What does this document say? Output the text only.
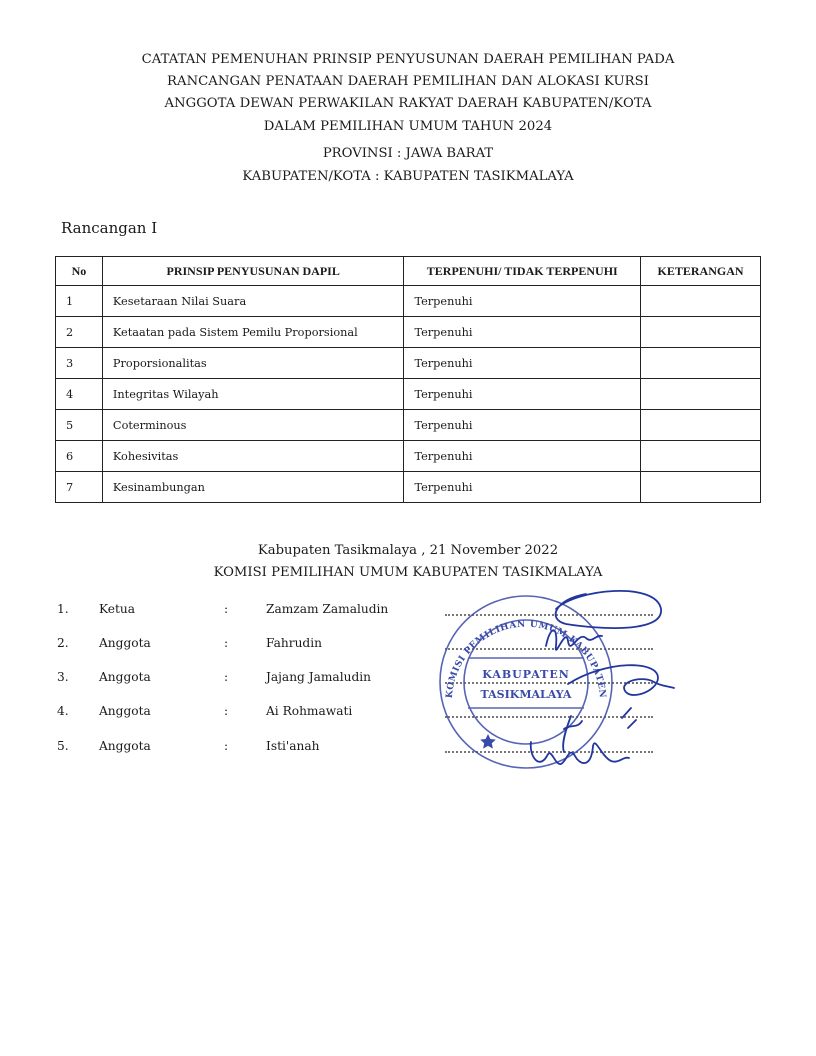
CATATAN PEMENUHAN PRINSIP PENYUSUNAN DAERAH PEMILIHAN PADA
RANCANGAN PENATAAN DAERAH PEMILIHAN DAN ALOKASI KURSI
ANGGOTA DEWAN PERWAKILAN RAKYAT DAERAH KABUPATEN/KOTA
DALAM PEMILIHAN UMUM TAHUN 2024
PROVINSI : JAWA BARAT
KABUPATEN/KOTA : KABUPATEN TASIKMALAYA
Rancangan I
No	PRINSIP PENYUSUNAN DAPIL	TERPENUHI/ TIDAK TERPENUHI	KETERANGAN
1	Kesetaraan Nilai Suara	Terpenuhi	
2	Ketaatan pada Sistem Pemilu Proporsional	Terpenuhi	
3	Proporsionalitas	Terpenuhi	
4	Integritas Wilayah	Terpenuhi	
5	Coterminous	Terpenuhi	
6	Kohesivitas	Terpenuhi	
7	Kesinambungan	Terpenuhi	
Kabupaten Tasikmalaya , 21 November 2022
KOMISI PEMILIHAN UMUM KABUPATEN TASIKMALAYA
1. Ketua	:	Zamzam Zamaludin
2. Anggota	:	Fahrudin
3. Anggota	:	Jajang Jamaludin
4. Anggota	:	Ai Rohmawati
5. Anggota	:	Isti'anah
KOMISI PEMILIHAN UMUM KABUPATEN
KABUPATEN
TASIKMALAYA
